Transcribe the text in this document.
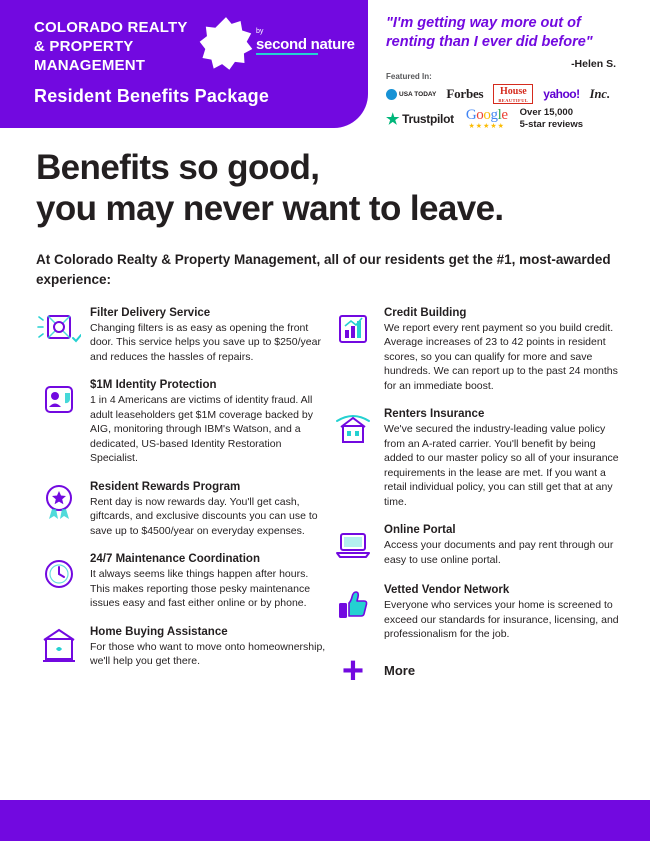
COLORADO REALTY
& PROPERTY
MANAGEMENT
rbp
by
second nature
Resident Benefits Package
"I'm getting way more out of renting than I ever did before"
-Helen S.
Featured In:
USA TODAY Forbes	House
BEAUTIFUL yahoo! Inc.
★ Trustpilot Google
★★★★★
Over 15,000
5-star reviews
Benefits so good,
you may never want to leave.
At Colorado Realty & Property Management, all of our residents get the #1, most-awarded experience:
Filter Delivery Service
Changing filters is as easy as opening the front door. This service helps you save up to $250/year and reduces the hassles of repairs.
$1M Identity Protection
1 in 4 Americans are victims of identity fraud. All adult leaseholders get $1M coverage backed by AIG, monitoring through IBM's Watson, and a dedicated, US-based Identity Restoration Specialist.
Resident Rewards Program
Rent day is now rewards day. You'll get cash, giftcards, and exclusive discounts you can use to save up to $4500/year on everyday expenses.
24/7 Maintenance Coordination
It always seems like things happen after hours. This makes reporting those pesky maintenance issues easy and fast either online or by phone.
Home Buying Assistance
For those who want to move onto homeownership, we'll help you get there.
Credit Building
We report every rent payment so you build credit. Average increases of 23 to 42 points in resident scores, so you can qualify for more and save hundreds. We can report up to the past 24 months for an immediate boost.
Renters Insurance
We've secured the industry-leading value policy from an A-rated carrier. You'll benefit by being added to our master policy so all of your insurance requirements in the lease are met. If you want a retail individual policy, you can still get that at any time.
Online Portal
Access your documents and pay rent through our easy to use online portal.
Vetted Vendor Network
Everyone who services your home is screened to exceed our standards for insurance, licensing, and professionalism for the job.
+	More
